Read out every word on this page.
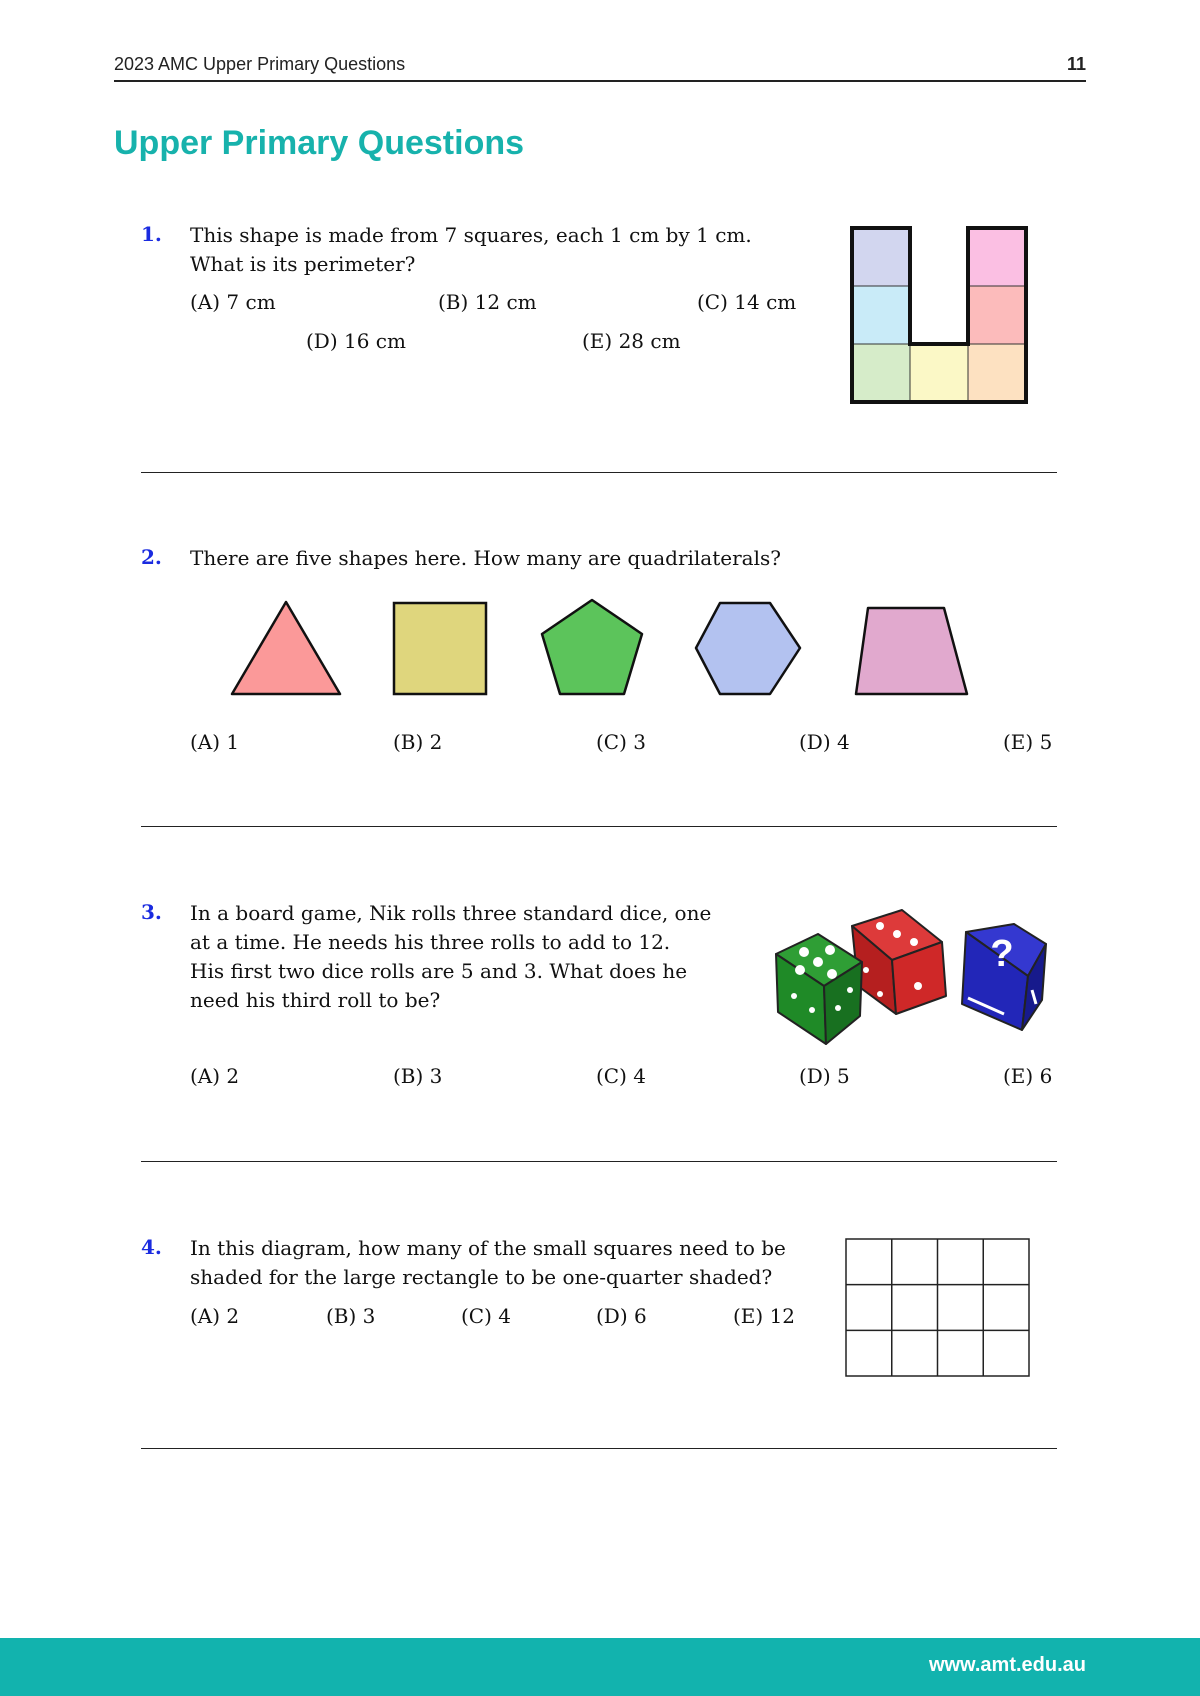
2023 AMC Upper Primary Questions	11
Upper Primary Questions
1. This shape is made from 7 squares, each 1 cm by 1 cm.
What is its perimeter?

(A) 7 cm	(B) 12 cm	(C) 14 cm
(D) 16 cm	(E) 28 cm
2. There are five shapes here. How many are quadrilaterals?

(A) 1	(B) 2	(C) 3	(D) 4	(E) 5
3. In a board game, Nik rolls three standard dice, one
at a time. He needs his three rolls to add to 12.
His first two dice rolls are 5 and 3. What does he
need his third roll to be?

?
(A) 2	(B) 3	(C) 4	(D) 5	(E) 6
4. In this diagram, how many of the small squares need to be
shaded for the large rectangle to be one-quarter shaded?

(A) 2	(B) 3	(C) 4	(D) 6	(E) 12
www.amt.edu.au
